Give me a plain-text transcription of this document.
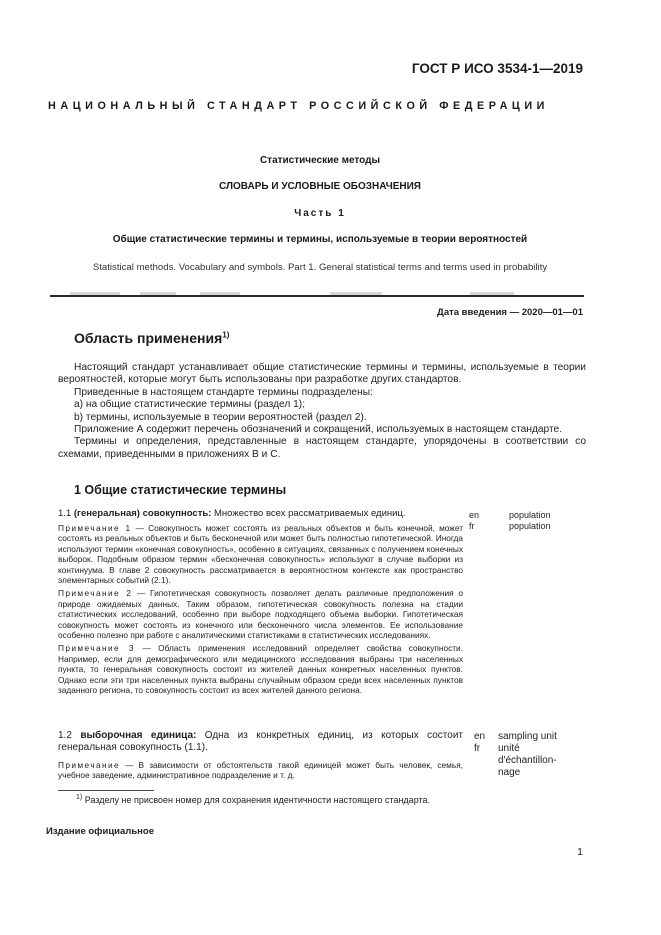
ГОСТ Р ИСО 3534-1—2019
НАЦИОНАЛЬНЫЙ СТАНДАРТ РОССИЙСКОЙ ФЕДЕРАЦИИ
Статистические методы
СЛОВАРЬ И УСЛОВНЫЕ ОБОЗНАЧЕНИЯ
Часть 1
Общие статистические термины и термины, используемые в теории вероятностей
Statistical methods. Vocabulary and symbols. Part 1. General statistical terms and terms used in probability
Дата введения — 2020—01—01
Область применения$^{1)}$

Настоящий стандарт устанавливает общие статистические термины и термины, используемые в теории вероятностей, которые могут быть использованы при разработке других стандартов.

Приведенные в настоящем стандарте термины подразделены:

a) на общие статистические термины (раздел 1);

b) термины, используемые в теории вероятностей (раздел 2).

Приложение А содержит перечень обозначений и сокращений, используемых в настоящем стандарте.

Термины и определения, представленные в настоящем стандарте, упорядочены в соответствии со схемами, приведенными в приложениях В и С.

1 Общие статистические термины

1.1 (генеральная) совокупность: Множество всех рассматриваемых единиц.

Примечание 1 — Совокупность может состоять из реальных объектов и быть конечной, может состоять из реальных объектов и быть бесконечной или может быть полностью гипотетической. Иногда используют термин «конечная совокупность», особенно в ситуациях, связанных с получением конечных выборок. Подобным образом термин «бесконечная совокупность» используют в случае выборки из континуума. В главе 2 совокупность рассматривается в вероятностном контексте как пространство элементарных событий (2.1).

Примечание 2 — Гипотетическая совокупность позволяет делать различные предположения о природе ожидаемых данных. Таким образом, гипотетическая совокупность полезна на стадии статистических исследований, особенно при выборе подходящего объема выборки. Гипотетическая совокупность может состоять из конечного или бесконечного числа элементов. Ее использование особенно полезно при работе с аналитическими статистиками в статистических исследованиях.

Примечание 3 — Область применения исследований определяет свойства совокупности. Например, если для демографического или медицинского исследования выбраны три населенных пункта, то генеральная совокупность состоит из жителей данных конкретных населенных пунктов. Однако если эти три населенных пункта выбраны случайным образом среди всех населенных пунктов заданного региона, то совокупность состоит из всех жителей данного региона.

en
fr
population
population

1.2 выборочная единица: Одна из конкретных единиц, из которых состоит генеральная совокупность (1.1).

Примечание — В зависимости от обстоятельств такой единицей может быть человек, семья, учебное заведение, административное подразделение и т. д.

en
fr
sampling unit
unité
d'échantillon-
nage
$^{1)}$ Разделу не присвоен номер для сохранения идентичности настоящего стандарта.
Издание официальное
1
